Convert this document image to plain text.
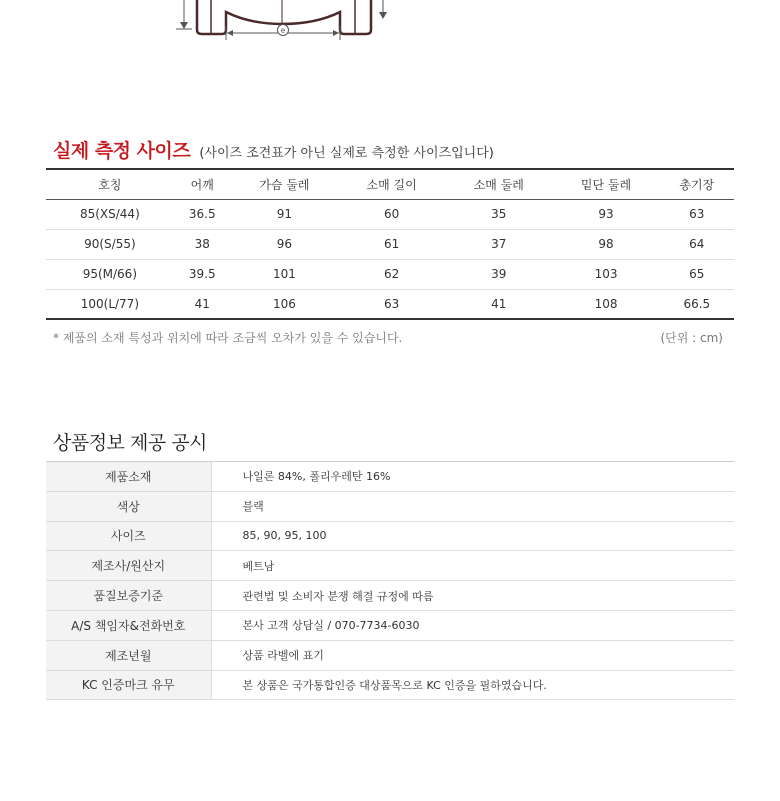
e
실제 측정 사이즈 (사이즈 조견표가 아닌 실제로 측정한 사이즈입니다)
호칭	어깨	가슴 둘레	소매 길이	소매 둘레	밑단 둘레	총기장
85(XS/44)	36.5	91	60	35	93	63
90(S/55)	38	96	61	37	98	64
95(M/66)	39.5	101	62	39	103	65
100(L/77)	41	106	63	41	108	66.5
* 제품의 소재 특성과 위치에 따라 조금씩 오차가 있을 수 있습니다.	(단위 : cm)
상품정보 제공 공시
제품소재	나일론 84%, 폴리우레탄 16%
색상	블랙
사이즈	85, 90, 95, 100
제조사/원산지	베트남
품질보증기준	관련법 및 소비자 분쟁 해결 규정에 따름
A/S 책임자&전화번호	본사 고객 상담실 / 070-7734-6030
제조년월	상품 라벨에 표기
KC 인증마크 유무	본 상품은 국가통합인증 대상품목으로 KC 인증을 필하였습니다.
